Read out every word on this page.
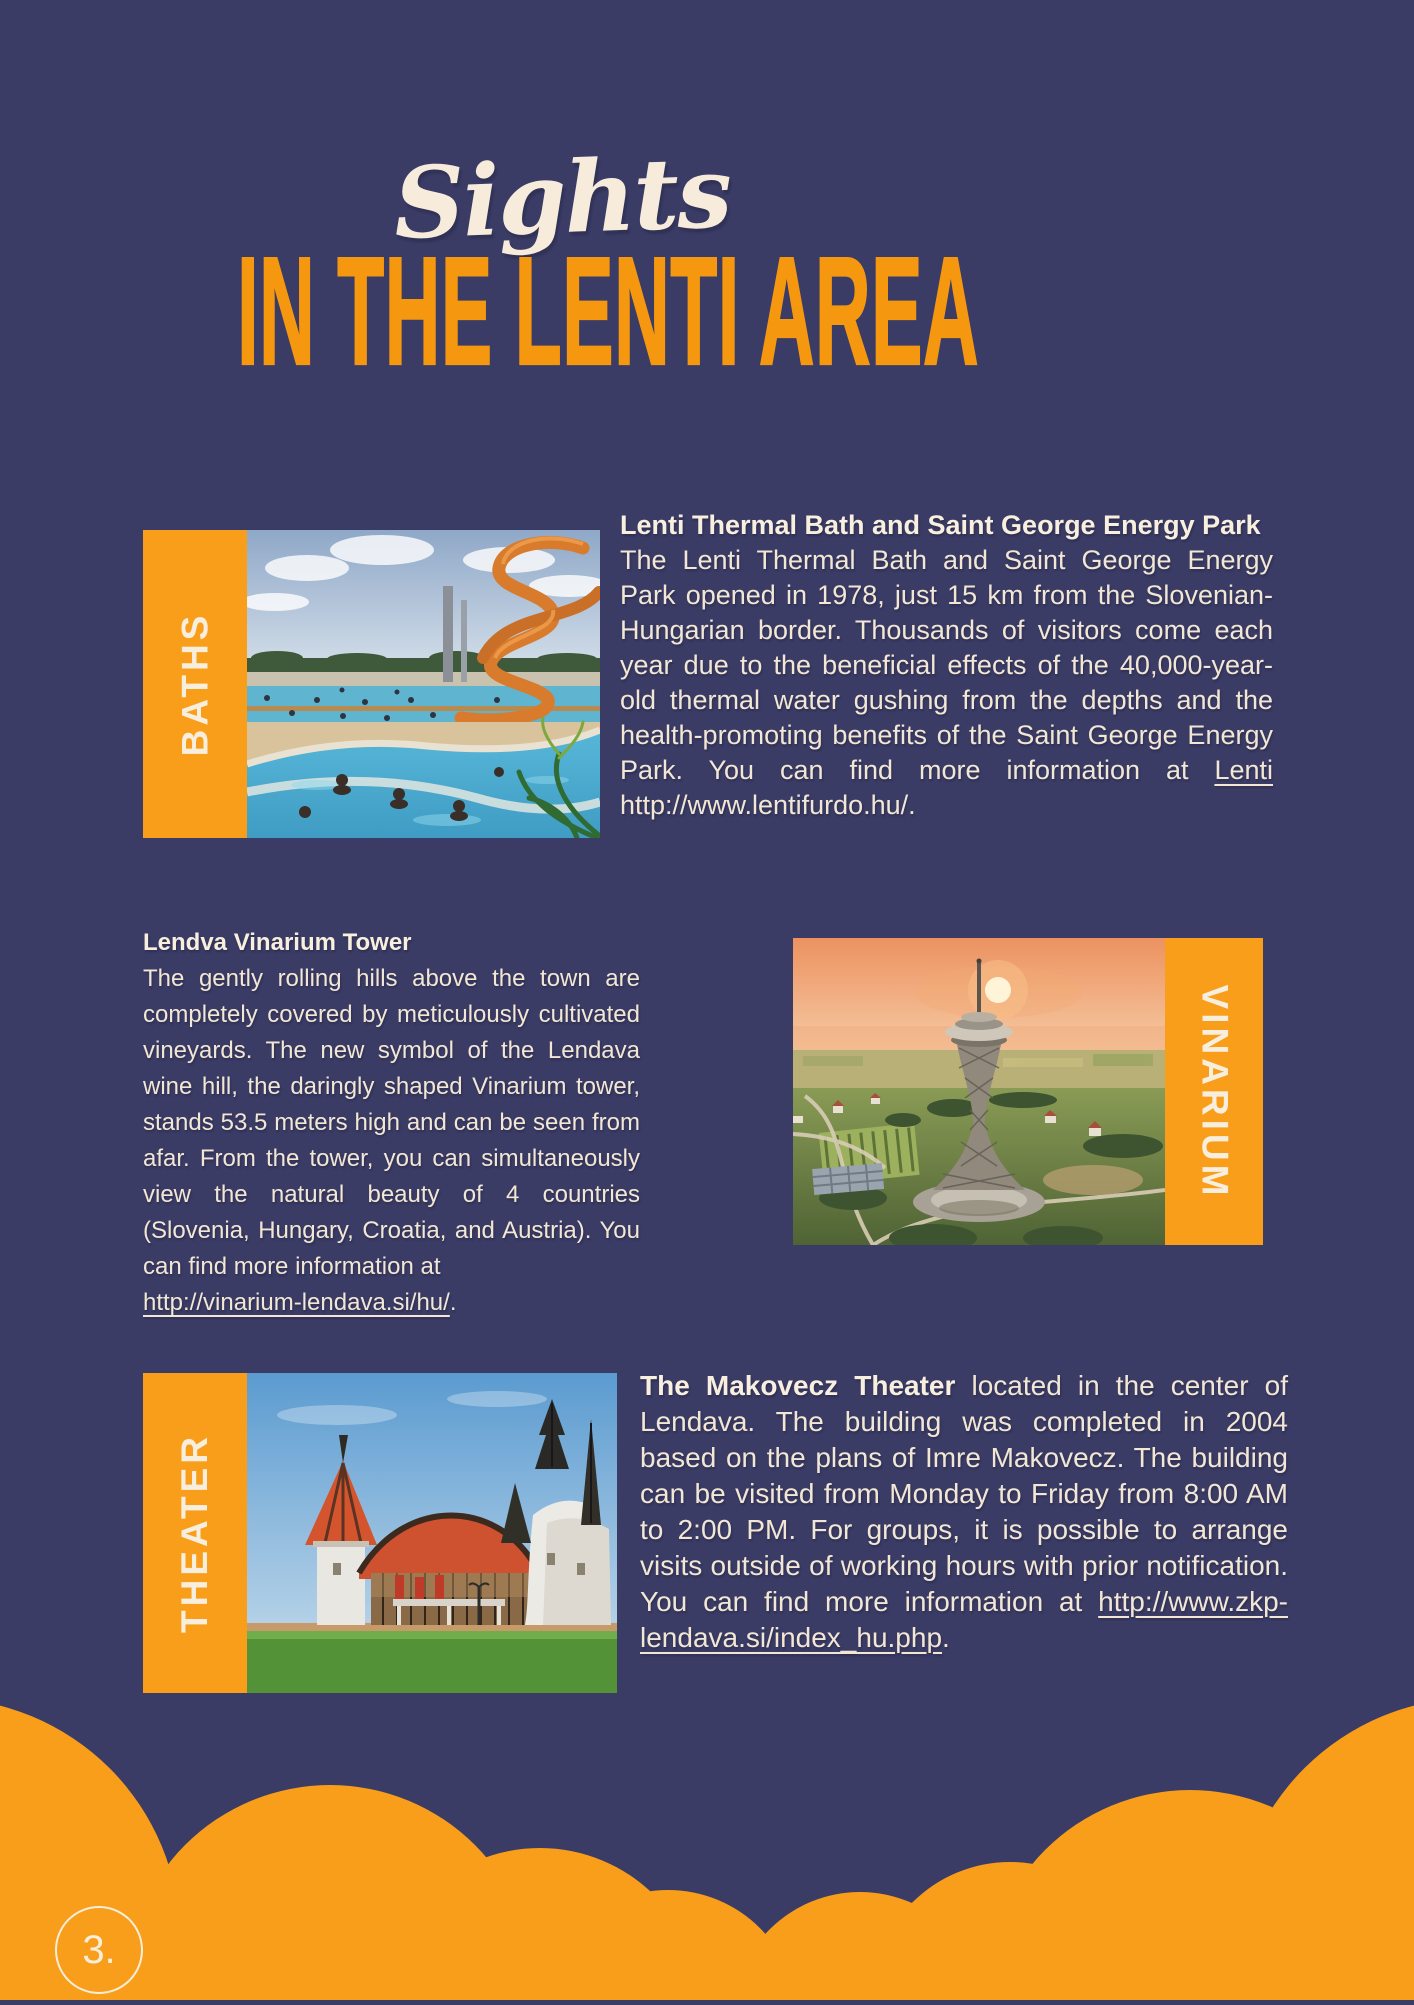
Sights
IN THE LENTI AREA
BATHS

Lenti Thermal Bath and Saint George Energy Park

The Lenti Thermal Bath and Saint George Energy Park opened in 1978, just 15 km from the Slovenian-Hungarian border. Thousands of visitors come each year due to the beneficial effects of the 40,000-year-old thermal water gushing from the depths and the health-promoting benefits of the Saint George Energy Park. You can find more information at Lenti http://www.lentifurdo.hu/.

Lendva Vinarium Tower

The gently rolling hills above the town are completely covered by meticulously cultivated vineyards. The new symbol of the Lendava wine hill, the daringly shaped Vinarium tower, stands 53.5 meters high and can be seen from afar. From the tower, you can simultaneously view the natural beauty of 4 countries (Slovenia, Hungary, Croatia, and Austria). You can find more information at

http://vinarium-lendava.si/hu/.

VINARIUM
THEATER

The Makovecz Theater located in the center of Lendava. The building was completed in 2004 based on the plans of Imre Makovecz. The building can be visited from Monday to Friday from 8:00 AM to 2:00 PM. For groups, it is possible to arrange visits outside of working hours with prior notification. You can find more information at http://www.zkp-lendava.si/index_hu.php.

3.
